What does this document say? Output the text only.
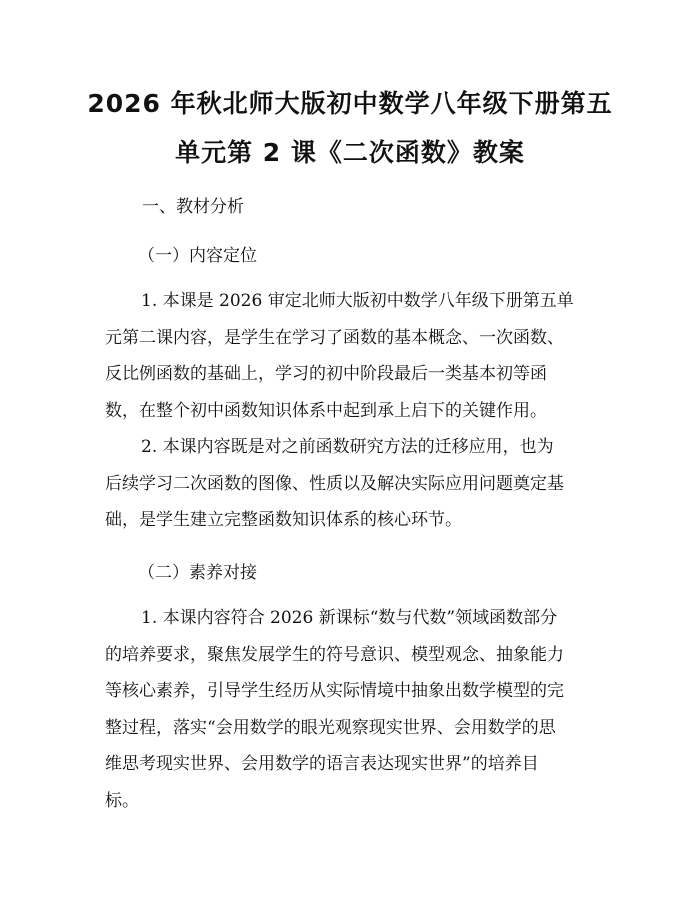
2026 年秋北师大版初中数学八年级下册第五
单元第 2 课《二次函数》教案

一、教材分析

（一）内容定位

1. 本课是 2026 审定北师大版初中数学八年级下册第五单
元第二课内容，是学生在学习了函数的基本概念、一次函数、
反比例函数的基础上，学习的初中阶段最后一类基本初等函
数，在整个初中函数知识体系中起到承上启下的关键作用。
2. 本课内容既是对之前函数研究方法的迁移应用，也为
后续学习二次函数的图像、性质以及解决实际应用问题奠定基
础，是学生建立完整函数知识体系的核心环节。

（二）素养对接

1. 本课内容符合 2026 新课标“数与代数”领域函数部分
的培养要求，聚焦发展学生的符号意识、模型观念、抽象能力
等核心素养，引导学生经历从实际情境中抽象出数学模型的完
整过程，落实“会用数学的眼光观察现实世界、会用数学的思
维思考现实世界、会用数学的语言表达现实世界”的培养目
标。
